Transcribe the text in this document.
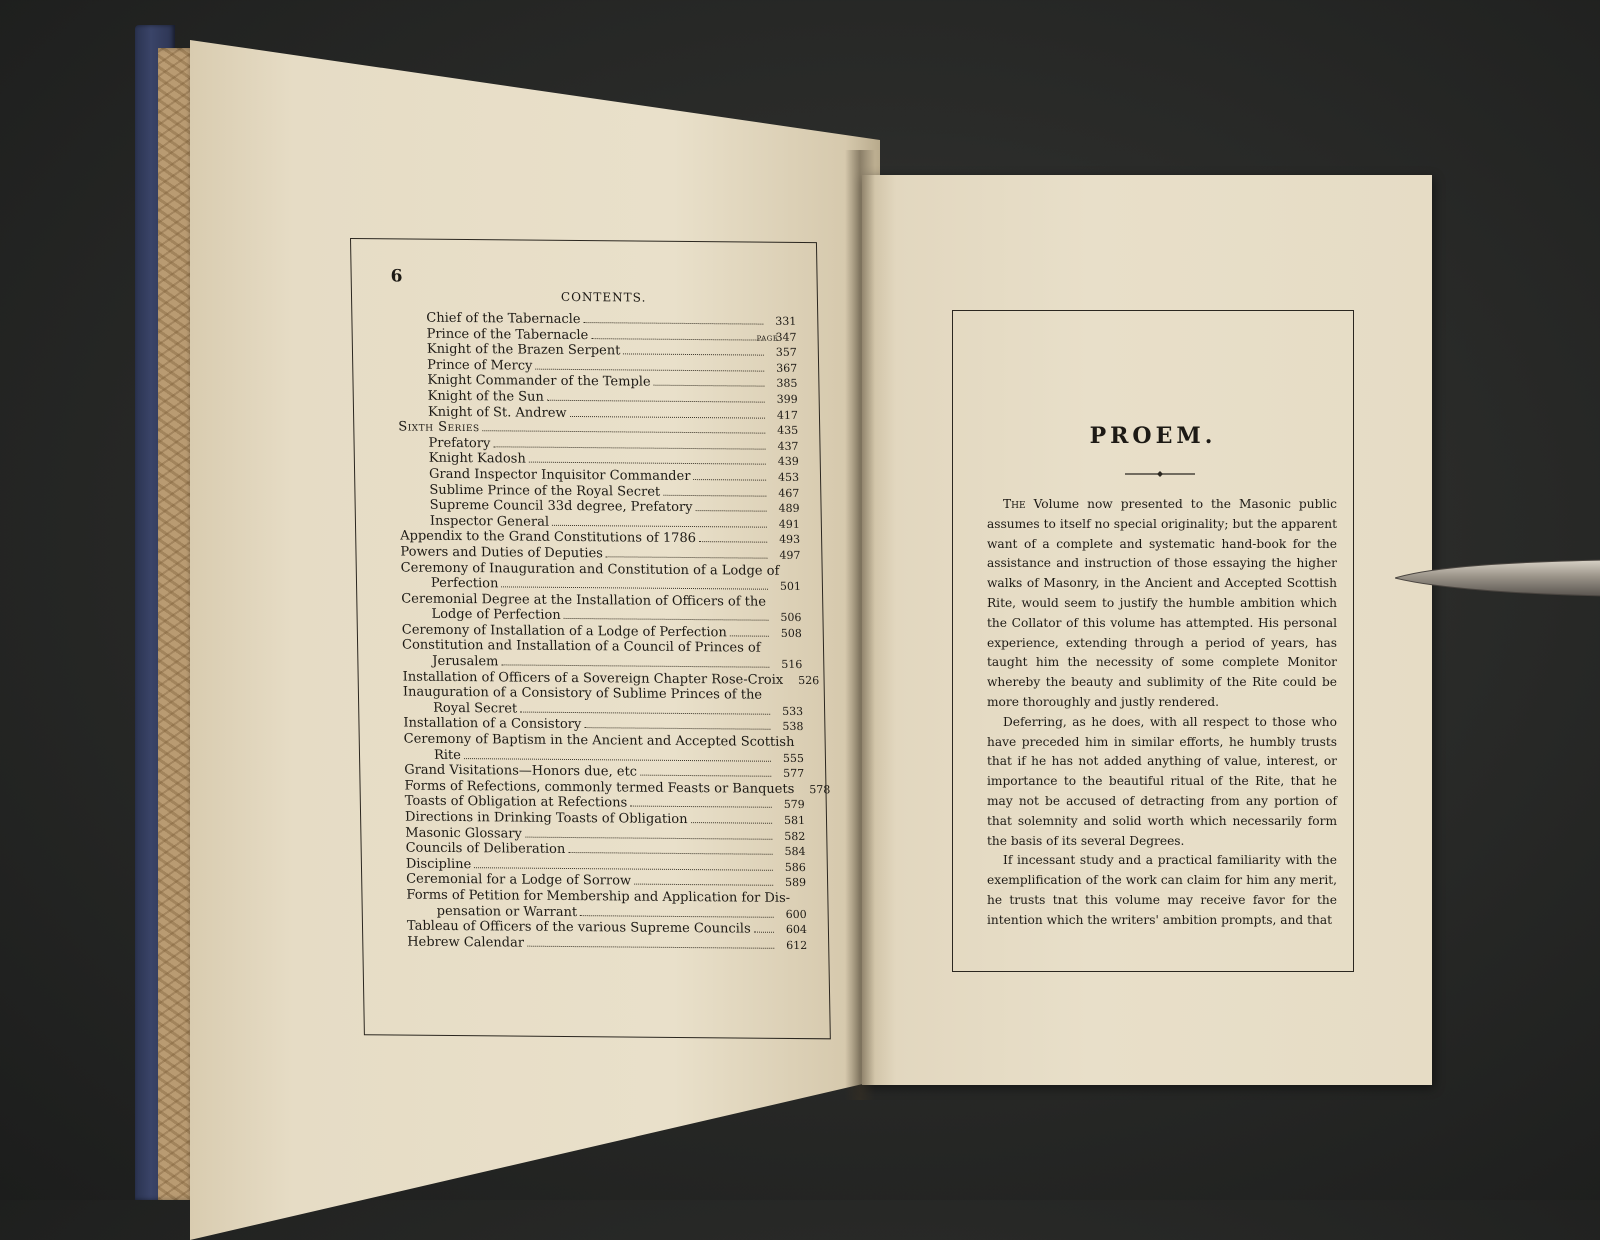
6
CONTENTS.
PAGE
Chief of the Tabernacle	331
Prince of the Tabernacle	347
Knight of the Brazen Serpent	357
Prince of Mercy	367
Knight Commander of the Temple	385
Knight of the Sun	399
Knight of St. Andrew	417
Sixth Series	435
Prefatory	437
Knight Kadosh	439
Grand Inspector Inquisitor Commander	453
Sublime Prince of the Royal Secret	467
Supreme Council 33d degree, Prefatory	489
Inspector General	491
Appendix to the Grand Constitutions of 1786	493
Powers and Duties of Deputies	497
Ceremony of Inauguration and Constitution of a Lodge of
Perfection	501
Ceremonial Degree at the Installation of Officers of the
Lodge of Perfection	506
Ceremony of Installation of a Lodge of Perfection	508
Constitution and Installation of a Council of Princes of
Jerusalem	516
Installation of Officers of a Sovereign Chapter Rose-Croix	526
Inauguration of a Consistory of Sublime Princes of the
Royal Secret	533
Installation of a Consistory	538
Ceremony of Baptism in the Ancient and Accepted Scottish
Rite	555
Grand Visitations—Honors due, etc	577
Forms of Refections, commonly termed Feasts or Banquets	578
Toasts of Obligation at Refections	579
Directions in Drinking Toasts of Obligation	581
Masonic Glossary	582
Councils of Deliberation	584
Discipline	586
Ceremonial for a Lodge of Sorrow	589
Forms of Petition for Membership and Application for Dis-
pensation or Warrant	600
Tableau of Officers of the various Supreme Councils	604
Hebrew Calendar	612
PROEM.

The Volume now presented to the Masonic public assumes to itself no special originality; but the apparent want of a complete and systematic hand-book for the assistance and instruction of those essaying the higher walks of Masonry, in the Ancient and Accepted Scottish Rite, would seem to justify the humble ambition which the Collator of this volume has attempted. His personal experience, extending through a period of years, has taught him the necessity of some complete Monitor whereby the beauty and sublimity of the Rite could be more thoroughly and justly rendered.

Deferring, as he does, with all respect to those who have preceded him in similar efforts, he humbly trusts that if he has not added anything of value, interest, or importance to the beautiful ritual of the Rite, that he may not be accused of detracting from any portion of that solemnity and solid worth which necessarily form the basis of its several Degrees.

If incessant study and a practical familiarity with the exemplification of the work can claim for him any merit, he trusts tnat this volume may receive favor for the intention which the writers' ambition prompts, and that
